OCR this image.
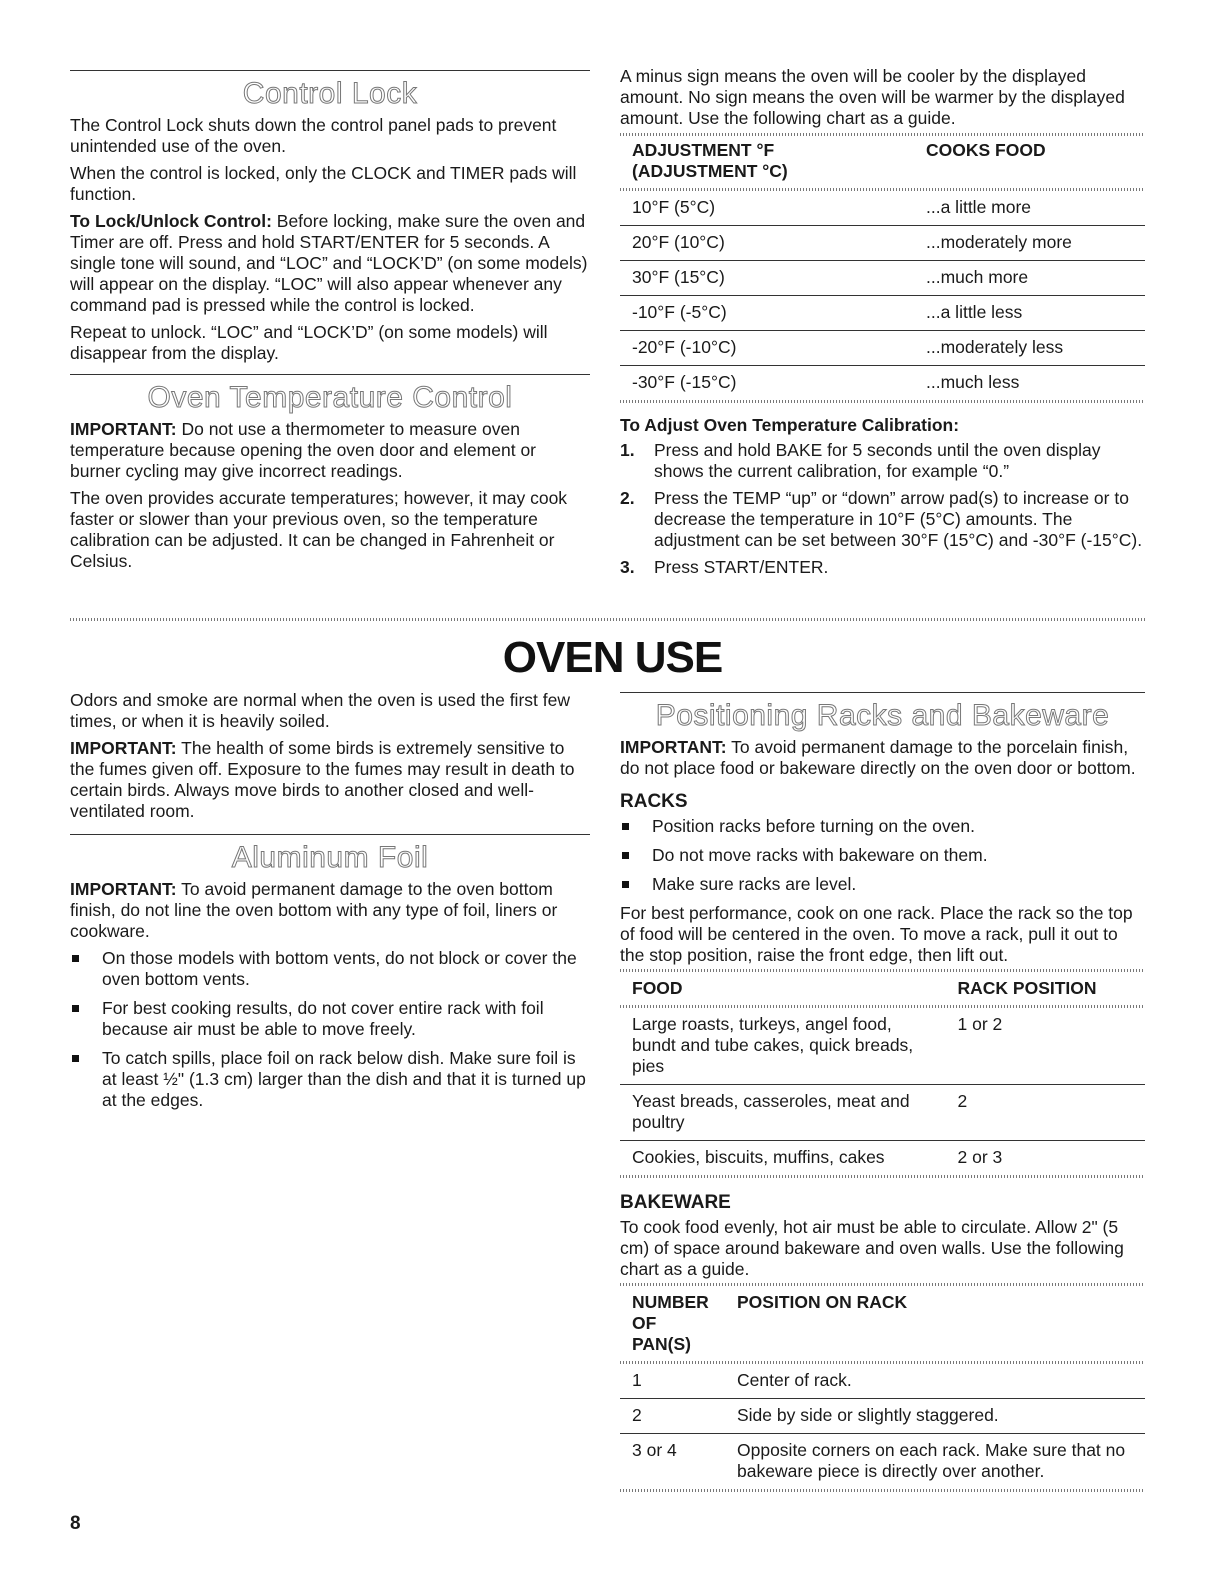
Control Lock

The Control Lock shuts down the control panel pads to prevent unintended use of the oven.

When the control is locked, only the CLOCK and TIMER pads will function.

To Lock/Unlock Control: Before locking, make sure the oven and Timer are off. Press and hold START/ENTER for 5 seconds. A single tone will sound, and “LOC” and “LOCK’D” (on some models) will appear on the display. “LOC” will also appear whenever any command pad is pressed while the control is locked.

Repeat to unlock. “LOC” and “LOCK’D” (on some models) will disappear from the display.

Oven Temperature Control

IMPORTANT: Do not use a thermometer to measure oven temperature because opening the oven door and element or burner cycling may give incorrect readings.

The oven provides accurate temperatures; however, it may cook faster or slower than your previous oven, so the temperature calibration can be adjusted. It can be changed in Fahrenheit or Celsius.

A minus sign means the oven will be cooler by the displayed amount. No sign means the oven will be warmer by the displayed amount. Use the following chart as a guide.

ADJUSTMENT °F
(ADJUSTMENT °C)	COOKS FOOD
10°F (5°C)	...a little more
20°F (10°C)	...moderately more
30°F (15°C)	...much more
-10°F (-5°C)	...a little less
-20°F (-10°C)	...moderately less
-30°F (-15°C)	...much less
To Adjust Oven Temperature Calibration:
1. Press and hold BAKE for 5 seconds until the oven display shows the current calibration, for example “0.”
2. Press the TEMP “up” or “down” arrow pad(s) to increase or to decrease the temperature in 10°F (5°C) amounts. The adjustment can be set between 30°F (15°C) and -30°F (-15°C).
3. Press START/ENTER.
OVEN USE

Odors and smoke are normal when the oven is used the first few times, or when it is heavily soiled.

IMPORTANT: The health of some birds is extremely sensitive to the fumes given off. Exposure to the fumes may result in death to certain birds. Always move birds to another closed and well-ventilated room.

Aluminum Foil

IMPORTANT: To avoid permanent damage to the oven bottom finish, do not line the oven bottom with any type of foil, liners or cookware.

On those models with bottom vents, do not block or cover the oven bottom vents.
For best cooking results, do not cover entire rack with foil because air must be able to move freely.
To catch spills, place foil on rack below dish. Make sure foil is at least ½" (1.3 cm) larger than the dish and that it is turned up at the edges.
Positioning Racks and Bakeware

IMPORTANT: To avoid permanent damage to the porcelain finish, do not place food or bakeware directly on the oven door or bottom.

RACKS
Position racks before turning on the oven.
Do not move racks with bakeware on them.
Make sure racks are level.

For best performance, cook on one rack. Place the rack so the top of food will be centered in the oven. To move a rack, pull it out to the stop position, raise the front edge, then lift out.

FOOD	RACK POSITION
Large roasts, turkeys, angel food, bundt and tube cakes, quick breads, pies	1 or 2
Yeast breads, casseroles, meat and poultry	2
Cookies, biscuits, muffins, cakes	2 or 3
BAKEWARE

To cook food evenly, hot air must be able to circulate. Allow 2" (5 cm) of space around bakeware and oven walls. Use the following chart as a guide.

NUMBER OF
PAN(S)	POSITION ON RACK
1	Center of rack.
2	Side by side or slightly staggered.
3 or 4	Opposite corners on each rack. Make sure that no bakeware piece is directly over another.
8
